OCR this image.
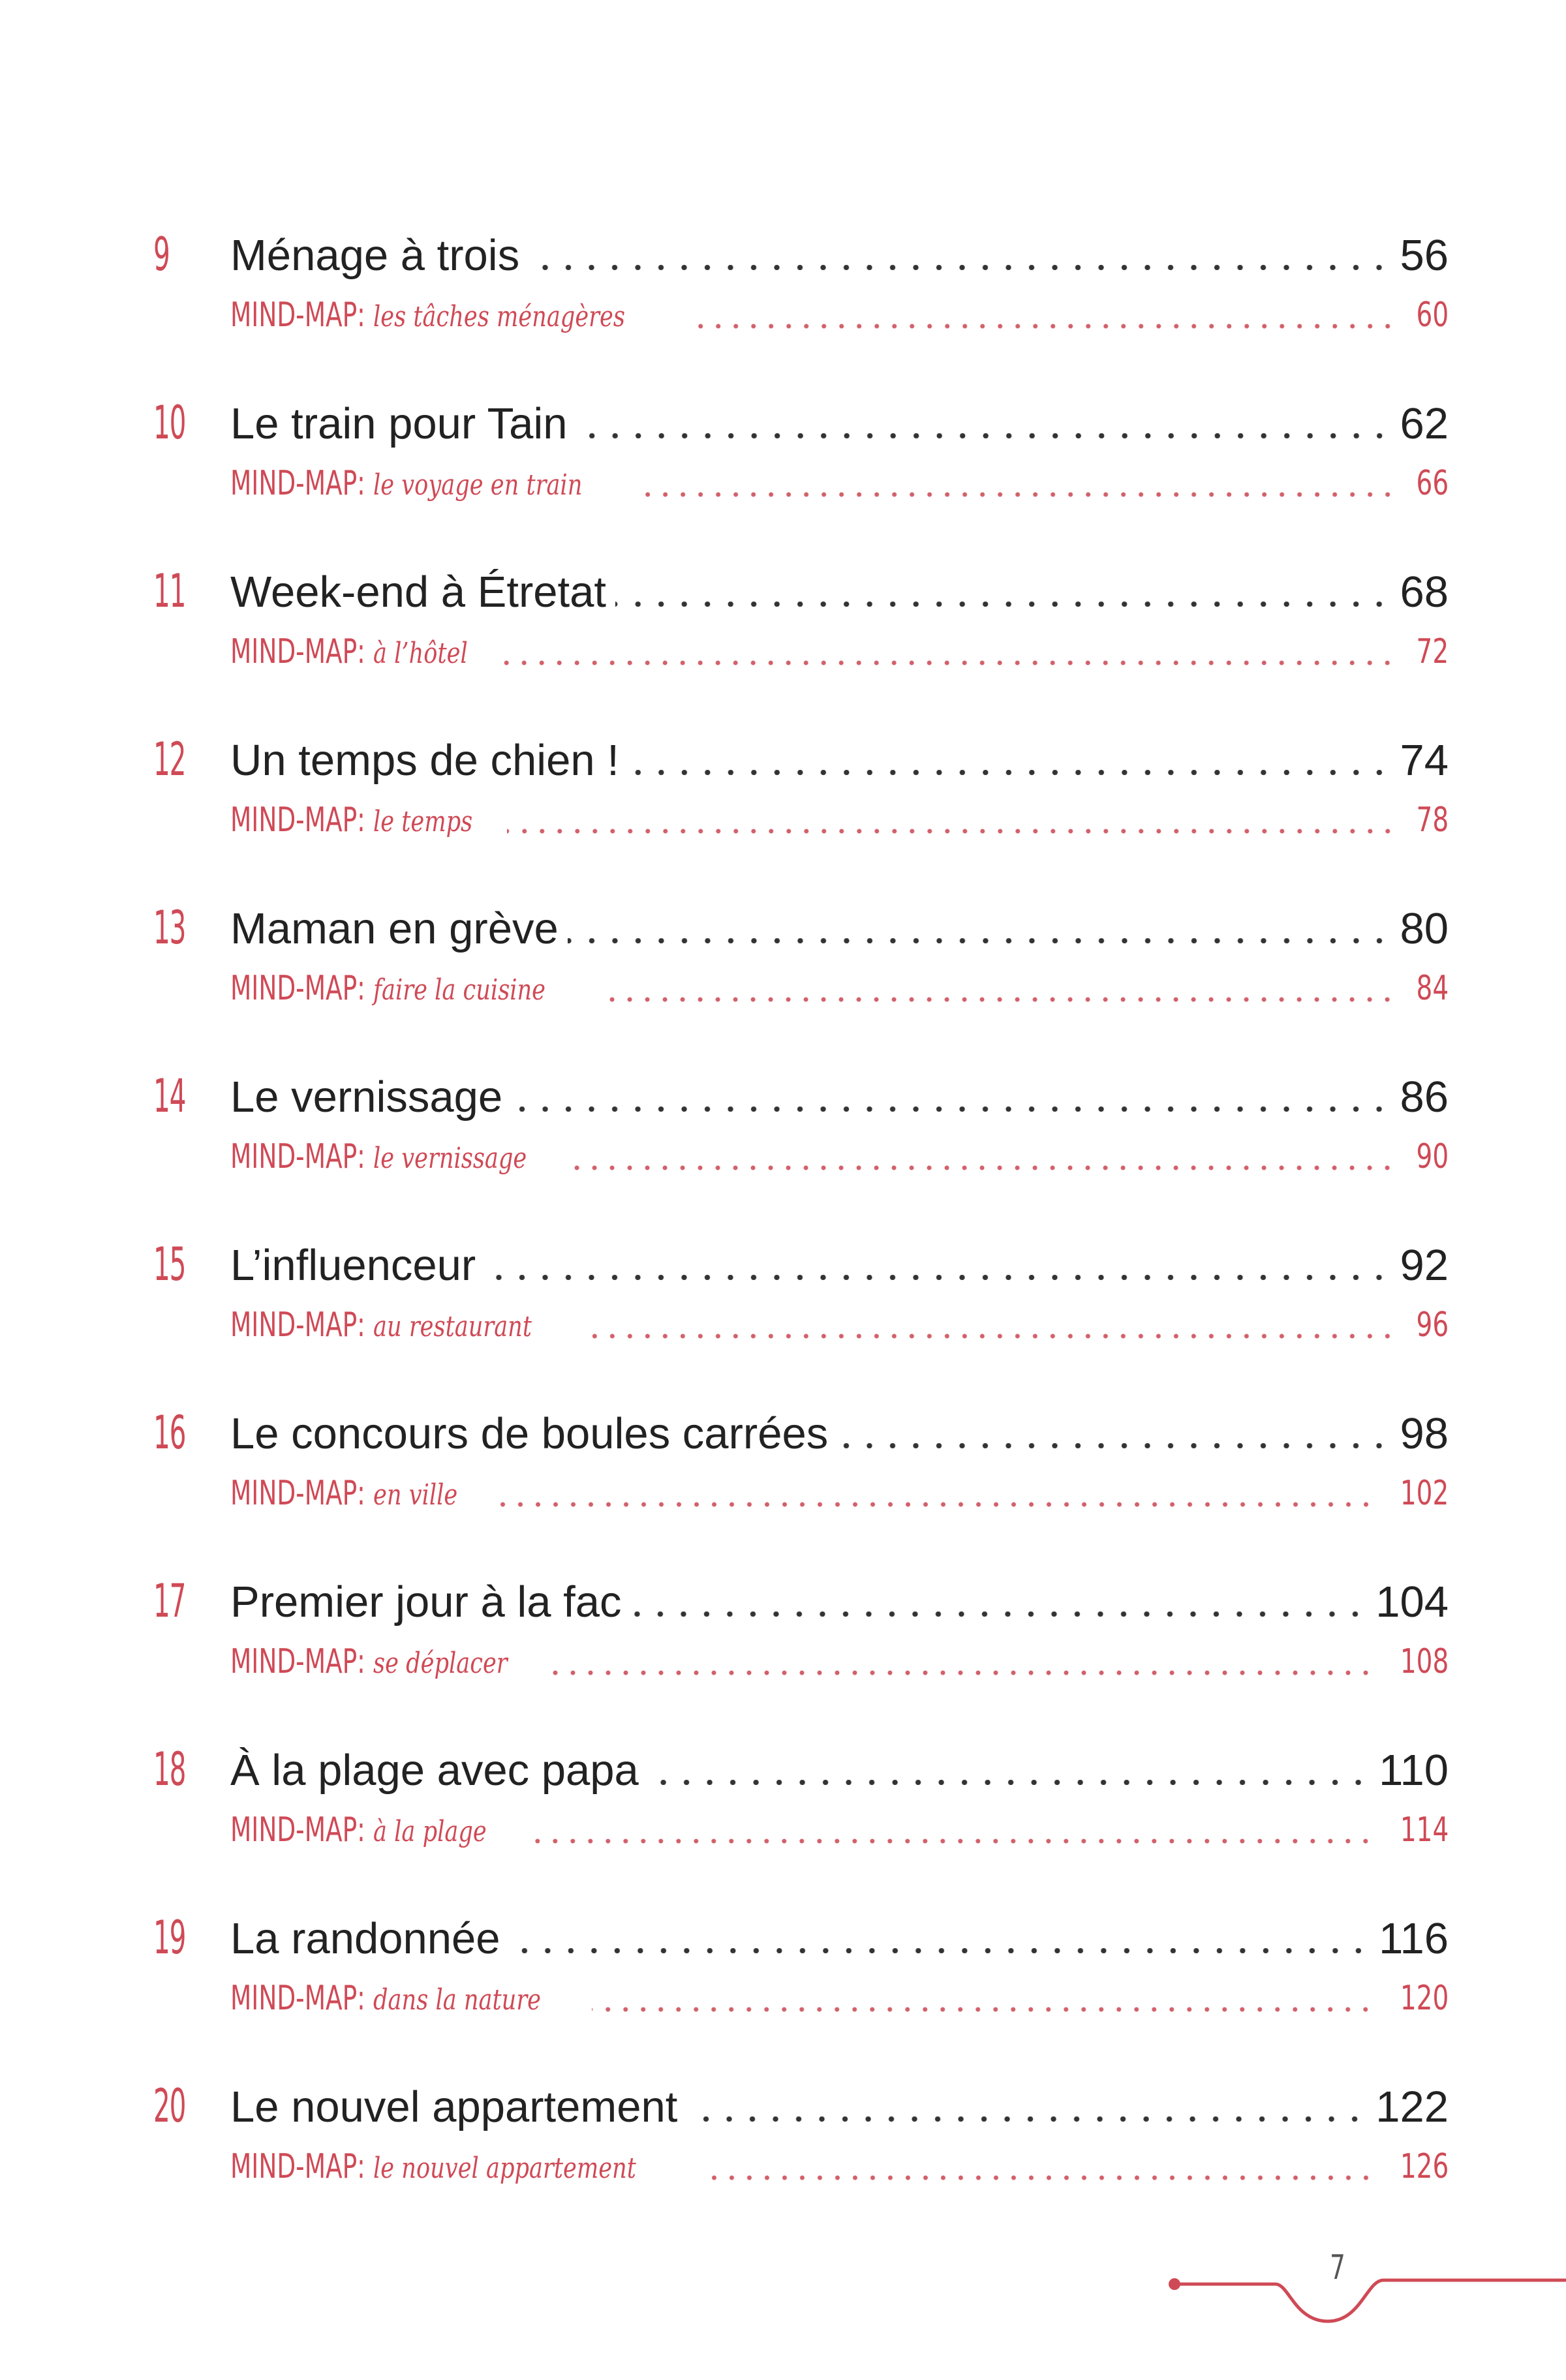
9 Ménage à trois	56
MIND-MAP: les tâches ménagères	60
10 Le train pour Tain	62
MIND-MAP: le voyage en train	66
11 Week-end à Étretat	68
MIND-MAP: à l’hôtel	72
12 Un temps de chien !	74
MIND-MAP: le temps	78
13 Maman en grève	80
MIND-MAP: faire la cuisine	84
14 Le vernissage	86
MIND-MAP: le vernissage	90
15 L’influenceur	92
MIND-MAP: au restaurant	96
16 Le concours de boules carrées	98
MIND-MAP: en ville	102
17 Premier jour à la fac	104
MIND-MAP: se déplacer	108
18 À la plage avec papa	110
MIND-MAP: à la plage	114
19 La randonnée	116
MIND-MAP: dans la nature	120
20 Le nouvel appartement	122
MIND-MAP: le nouvel appartement	126
7
